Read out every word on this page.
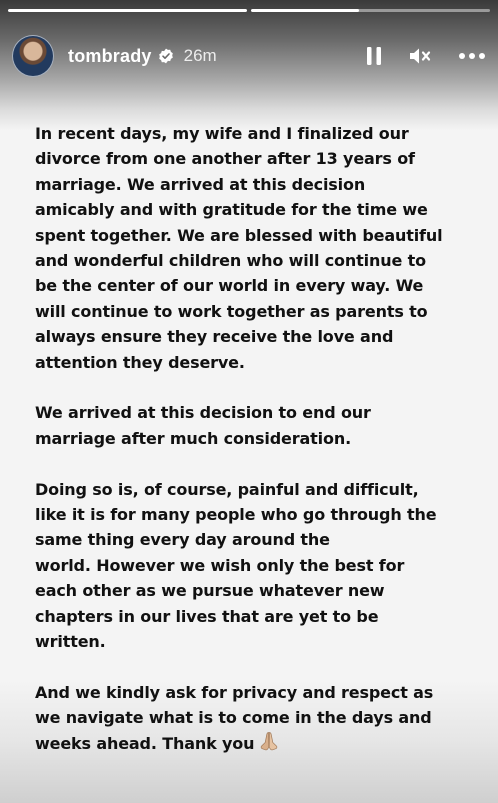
tombrady 26m

In recent days, my wife and I finalized our
divorce from one another after 13 years of
marriage. We arrived at this decision
amicably and with gratitude for the time we
spent together. We are blessed with beautiful
and wonderful children who will continue to
be the center of our world in every way. We
will continue to work together as parents to
always ensure they receive the love and
attention they deserve.

We arrived at this decision to end our
marriage after much consideration.

Doing so is, of course, painful and difficult,
like it is for many people who go through the
same thing every day around the
world. However we wish only the best for
each other as we pursue whatever new
chapters in our lives that are yet to be
written.

And we kindly ask for privacy and respect as
we navigate what is to come in the days and
weeks ahead. Thank you
